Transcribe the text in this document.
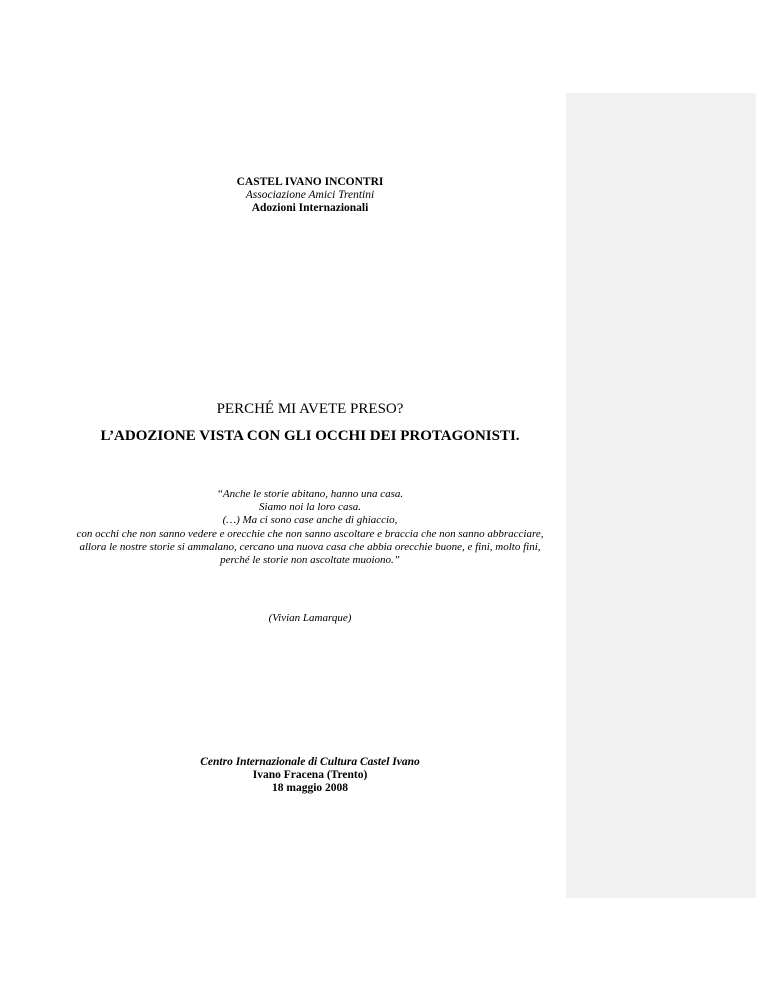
CASTEL IVANO INCONTRI
Associazione Amici Trentini
Adozioni Internazionali
PERCHÉ MI AVETE PRESO?
L’ADOZIONE VISTA CON GLI OCCHI DEI PROTAGONISTI.
“Anche le storie abitano, hanno una casa.
Siamo noi la loro casa.
(…) Ma ci sono case anche di ghiaccio,
con occhi che non sanno vedere e orecchie che non sanno ascoltare e braccia che non sanno abbracciare,
allora le nostre storie si ammalano, cercano una nuova casa che abbia orecchie buone, e fini, molto fini,
perché le storie non ascoltate muoiono.”
(Vivian Lamarque)
Centro Internazionale di Cultura Castel Ivano
Ivano Fracena (Trento)
18 maggio 2008
